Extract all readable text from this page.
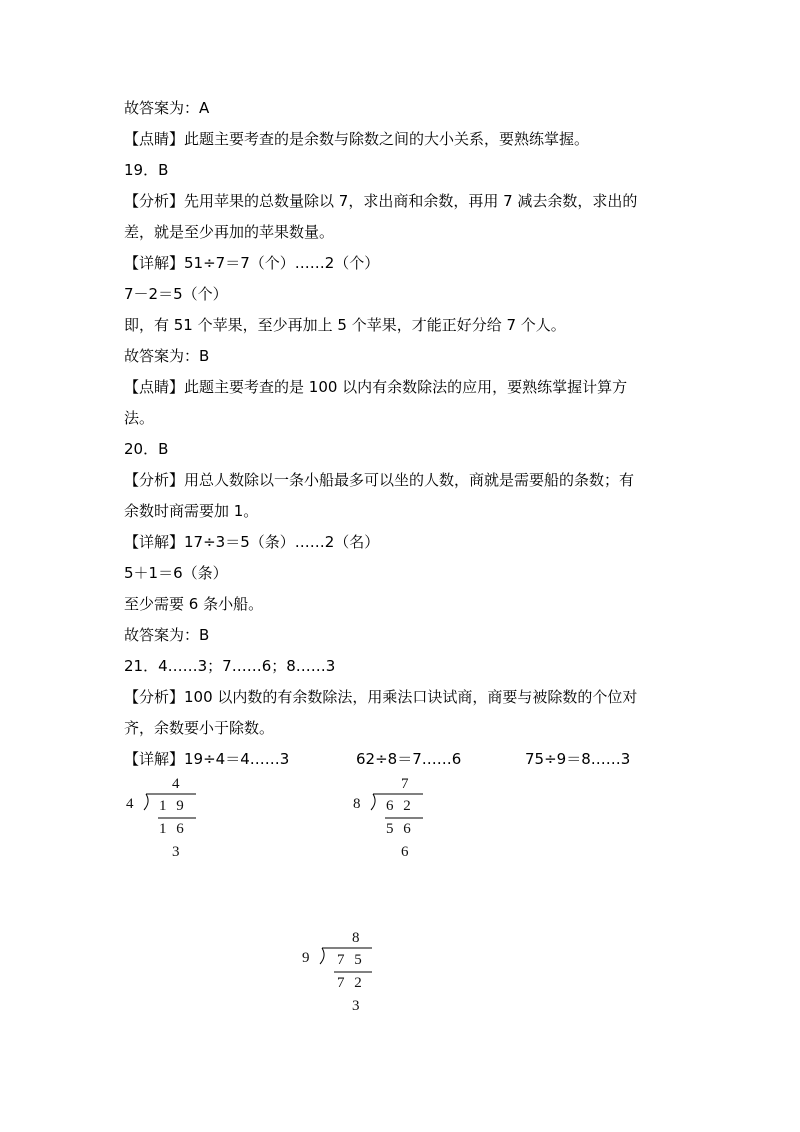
故答案为：A
【点睛】此题主要考查的是余数与除数之间的大小关系，要熟练掌握。
19．B
【分析】先用苹果的总数量除以 7，求出商和余数，再用 7 减去余数，求出的
差，就是至少再加的苹果数量。
【详解】51÷7＝7（个）……2（个）
7－2＝5（个）
即，有 51 个苹果，至少再加上 5 个苹果，才能正好分给 7 个人。
故答案为：B
【点睛】此题主要考查的是 100 以内有余数除法的应用，要熟练掌握计算方
法。
20．B
【分析】用总人数除以一条小船最多可以坐的人数，商就是需要船的条数；有
余数时商需要加 1。
【详解】17÷3＝5（条）……2（名）
5＋1＝6（条）
至少需要 6 条小船。
故答案为：B
21．4……3；7……6；8……3
【分析】100 以内数的有余数除法，用乘法口诀试商，商要与被除数的个位对
齐，余数要小于除数。
【详解】19÷4＝4……3	62÷8＝7……6	75÷9＝8……3
4
4 1 9
1 6
3
7
8 6 2
5 6
6
8
9 7 5
7 2
3
